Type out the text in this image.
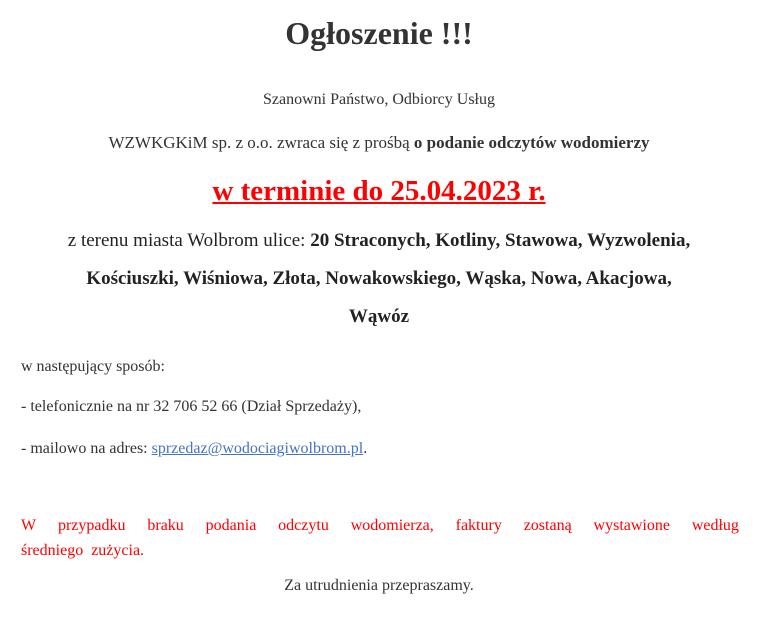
Ogłoszenie !!!
Szanowni Państwo, Odbiorcy Usług
WZWKGKiM sp. z o.o. zwraca się z prośbą o podanie odczytów wodomierzy
w terminie do 25.04.2023 r.
z terenu miasta Wolbrom ulice: 20 Straconych, Kotliny, Stawowa, Wyzwolenia,
Kościuszki, Wiśniowa, Złota, Nowakowskiego, Wąska, Nowa, Akacjowa,
Wąwóz
w następujący sposób:
- telefonicznie na nr 32 706 52 66 (Dział Sprzedaży),
- mailowo na adres: sprzedaz@wodociagiwolbrom.pl.
W przypadku braku podania odczytu wodomierza, faktury zostaną wystawione według
średniego  zużycia.
Za utrudnienia przepraszamy.
